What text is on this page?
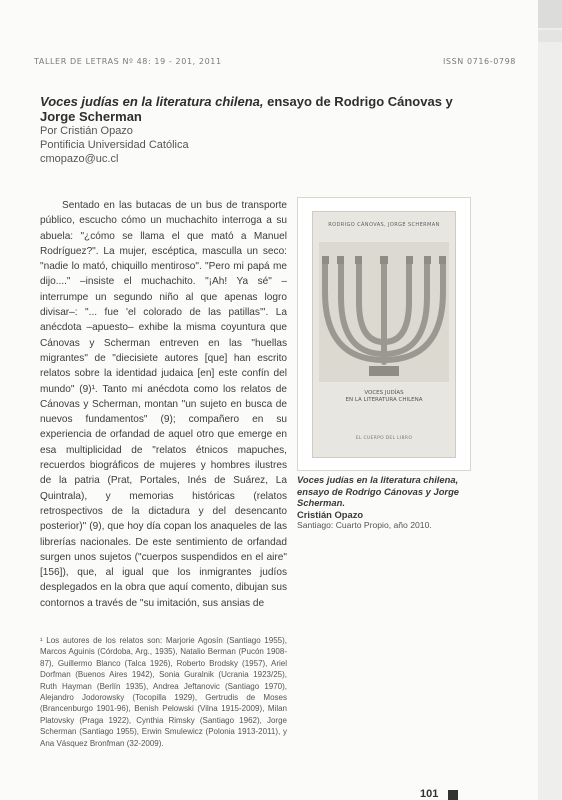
TALLER DE LETRAS Nº 48: 19 - 201, 2011	ISSN 0716-0798
Voces judías en la literatura chilena, ensayo de Rodrigo Cánovas y Jorge Scherman
Por Cristián Opazo
Pontificia Universidad Católica
cmopazo@uc.cl

Sentado en las butacas de un bus de transporte público, escucho cómo un muchachito interroga a su abuela: "¿cómo se llama el que mató a Manuel Rodríguez?". La mujer, escéptica, masculla un seco: "nadie lo mató, chiquillo mentiroso". "Pero mi papá me dijo...." –insiste el muchachito. "¡Ah! Ya sé" –interrumpe un segundo niño al que apenas logro divisar–: "... fue 'el colorado de las patillas'". La anécdota –apuesto– exhibe la misma coyuntura que Cánovas y Scherman entreven en las "huellas migrantes" de "diecisiete autores [que] han escrito relatos sobre la identidad judaica [en] este confín del mundo" (9)¹. Tanto mi anécdota como los relatos de Cánovas y Scherman, montan "un sujeto en busca de nuevos fundamentos" (9); compañero en su experiencia de orfandad de aquel otro que emerge en esa multiplicidad de "relatos étnicos mapuches, recuerdos biográficos de mujeres y hombres ilustres de la patria (Prat, Portales, Inés de Suárez, La Quintrala), y memorias históricas (relatos retrospectivos de la dictadura y del desencanto posterior)" (9), que hoy día copan los anaqueles de las librerías nacionales. De este sentimiento de orfandad surgen unos sujetos ("cuerpos suspendidos en el aire" [156]), que, al igual que los inmigrantes judíos desplegados en la obra que aquí comento, dibujan sus contornos a través de "su imitación, sus ansias de

RODRIGO CÁNOVAS, JORGE SCHERMAN
VOCES JUDÍAS
EN LA LITERATURA CHILENA
EL CUERPO DEL LIBRO
Voces judías en la literatura chilena, ensayo de Rodrigo Cánovas y Jorge Scherman.
Cristián Opazo
Santiago: Cuarto Propio, año 2010.

¹ Los autores de los relatos son: Marjorie Agosín (Santiago 1955), Marcos Aguinis (Córdoba, Arg., 1935), Natalio Berman (Pucón 1908-87), Guillermo Blanco (Talca 1926), Roberto Brodsky (1957), Ariel Dorfman (Buenos Aires 1942), Sonia Guralnik (Ucrania 1923/25), Ruth Hayman (Berlín 1935), Andrea Jeftanovic (Santiago 1970), Alejandro Jodorowsky (Tocopilla 1929), Gertrudis de Moses (Brancenburgo 1901-96), Benish Pelowski (Vilna 1915-2009), Milan Platovsky (Praga 1922), Cynthia Rimsky (Santiago 1962), Jorge Scherman (Santiago 1955), Erwin Smulewicz (Polonia 1913-2011), y Ana Vásquez Bronfman (32-2009).

101
